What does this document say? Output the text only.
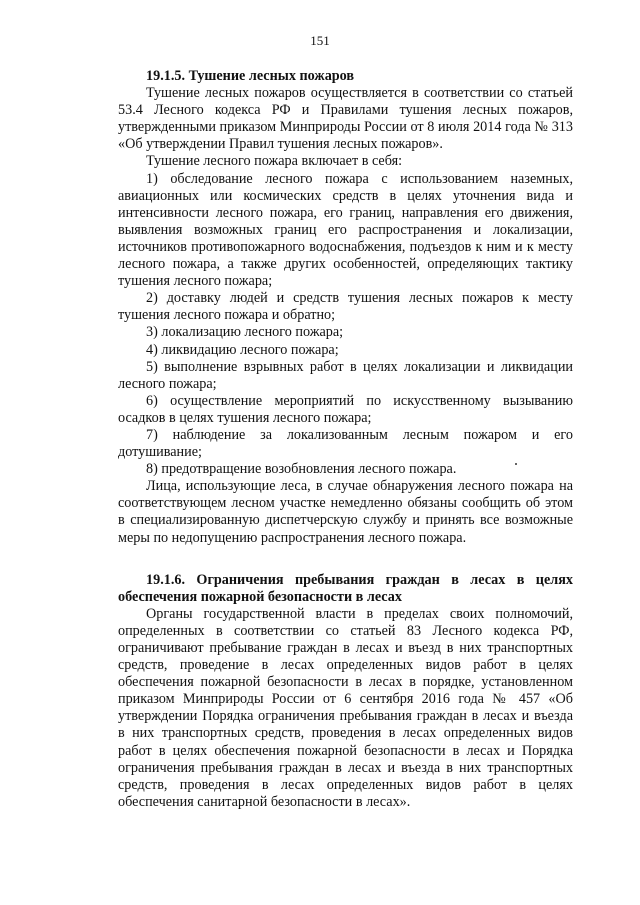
151

19.1.5. Тушение лесных пожаров

Тушение лесных пожаров осуществляется в соответствии со статьей 53.4 Лесного кодекса РФ и Правилами тушения лесных пожаров, утвержденными приказом Минприроды России от 8 июля 2014 года № 313 «Об утверждении Правил тушения лесных пожаров».

Тушение лесного пожара включает в себя:

1) обследование лесного пожара с использованием наземных, авиационных или космических средств в целях уточнения вида и интенсивности лесного пожара, его границ, направления его движения, выявления возможных границ его распространения и локализации, источников противопожарного водоснабжения, подъездов к ним и к месту лесного пожара, а также других особенностей, определяющих тактику тушения лесного пожара;

2) доставку людей и средств тушения лесных пожаров к месту тушения лесного пожара и обратно;

3) локализацию лесного пожара;

4) ликвидацию лесного пожара;

5) выполнение взрывных работ в целях локализации и ликвидации лесного пожара;

6) осуществление мероприятий по искусственному вызыванию осадков в целях тушения лесного пожара;

7) наблюдение за локализованным лесным пожаром и его дотушивание;

8) предотвращение возобновления лесного пожара.

Лица, использующие леса, в случае обнаружения лесного пожара на соответствующем лесном участке немедленно обязаны сообщить об этом в специализированную диспетчерскую службу и принять все возможные меры по недопущению распространения лесного пожара.

19.1.6. Ограничения пребывания граждан в лесах в целях обеспечения пожарной безопасности в лесах

Органы государственной власти в пределах своих полномочий, определенных в соответствии со статьей 83 Лесного кодекса РФ, ограничивают пребывание граждан в лесах и въезд в них транспортных средств, проведение в лесах определенных видов работ в целях обеспечения пожарной безопасности в лесах в порядке, установленном приказом Минприроды России от 6 сентября 2016 года № 457 «Об утверждении Порядка ограничения пребывания граждан в лесах и въезда в них транспортных средств, проведения в лесах определенных видов работ в целях обеспечения пожарной безопасности в лесах и Порядка ограничения пребывания граждан в лесах и въезда в них транспортных средств, проведения в лесах определенных видов работ в целях обеспечения санитарной безопасности в лесах».
